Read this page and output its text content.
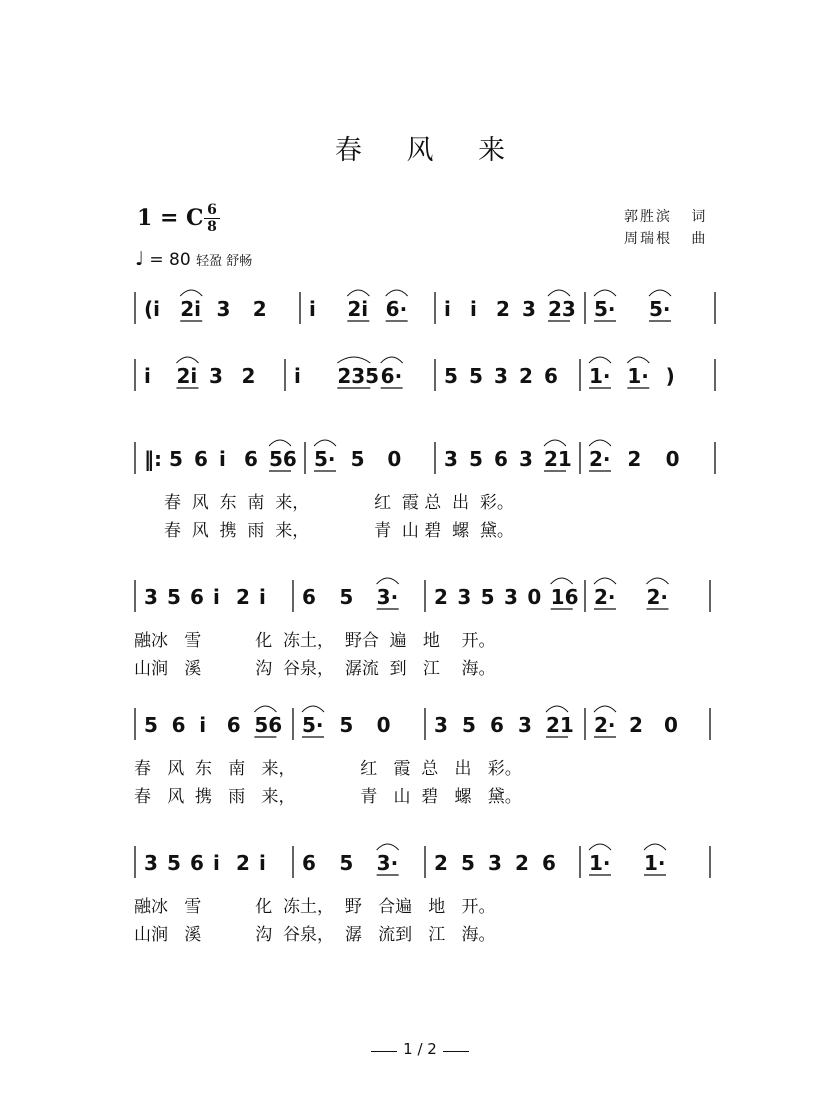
春 风 来
1 = C 6
8
♩ = 80 轻盈 舒畅
郭胜滨   词
周瑞根   曲
(i 2i 3 2 i 2i 6· i i 2 3 23 5· 5·
i 2i 3 2 i 235 6· 5 5 3 2 6 1· 1· )
‖: 5 6 i 6 56 5· 5 0 3 5 6 3 21 2· 2 0
春  风  东  南  来，            红  霞 总  出  彩。
春  风  携  雨  来，            青  山 碧  螺  黛。
3 5 6 i 2 i 6 5 3· 2 3 5 3 0 16 2· 2·
融冰   雪          化  冻土，  野合  遍   地    开。
山涧   溪          沟  谷泉，  潺流  到   江    海。
5 6 i 6 56 5· 5 0 3 5 6 3 21 2· 2 0
春   风  东   南   来，            红   霞  总   出   彩。
春   风  携   雨   来，            青   山  碧   螺   黛。
3 5 6 i 2 i 6 5 3· 2 5 3 2 6 1· 1·
融冰   雪          化  冻土，  野   合遍   地   开。
山涧   溪          沟  谷泉，  潺   流到   江   海。
1 / 2
